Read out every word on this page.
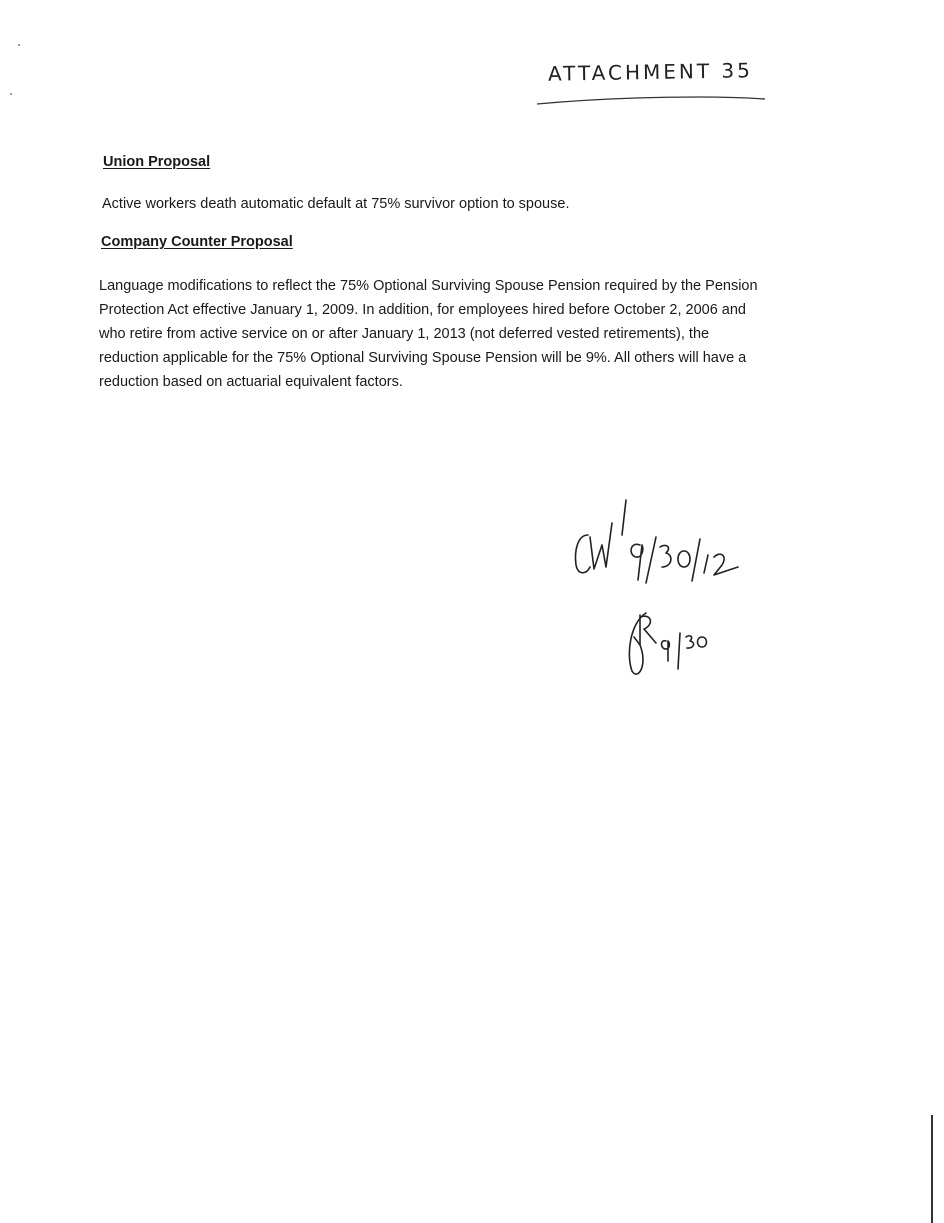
ATTACHMENT 35
Union Proposal
Active workers death automatic default at 75% survivor option to spouse.
Company Counter Proposal
Language modifications to reflect the 75% Optional Surviving Spouse Pension required by the Pension
Protection Act effective January 1, 2009. In addition, for employees hired before October 2, 2006 and
who retire from active service on or after January 1, 2013 (not deferred vested retirements), the
reduction applicable for the 75% Optional Surviving Spouse Pension will be 9%. All others will have a
reduction based on actuarial equivalent factors.
